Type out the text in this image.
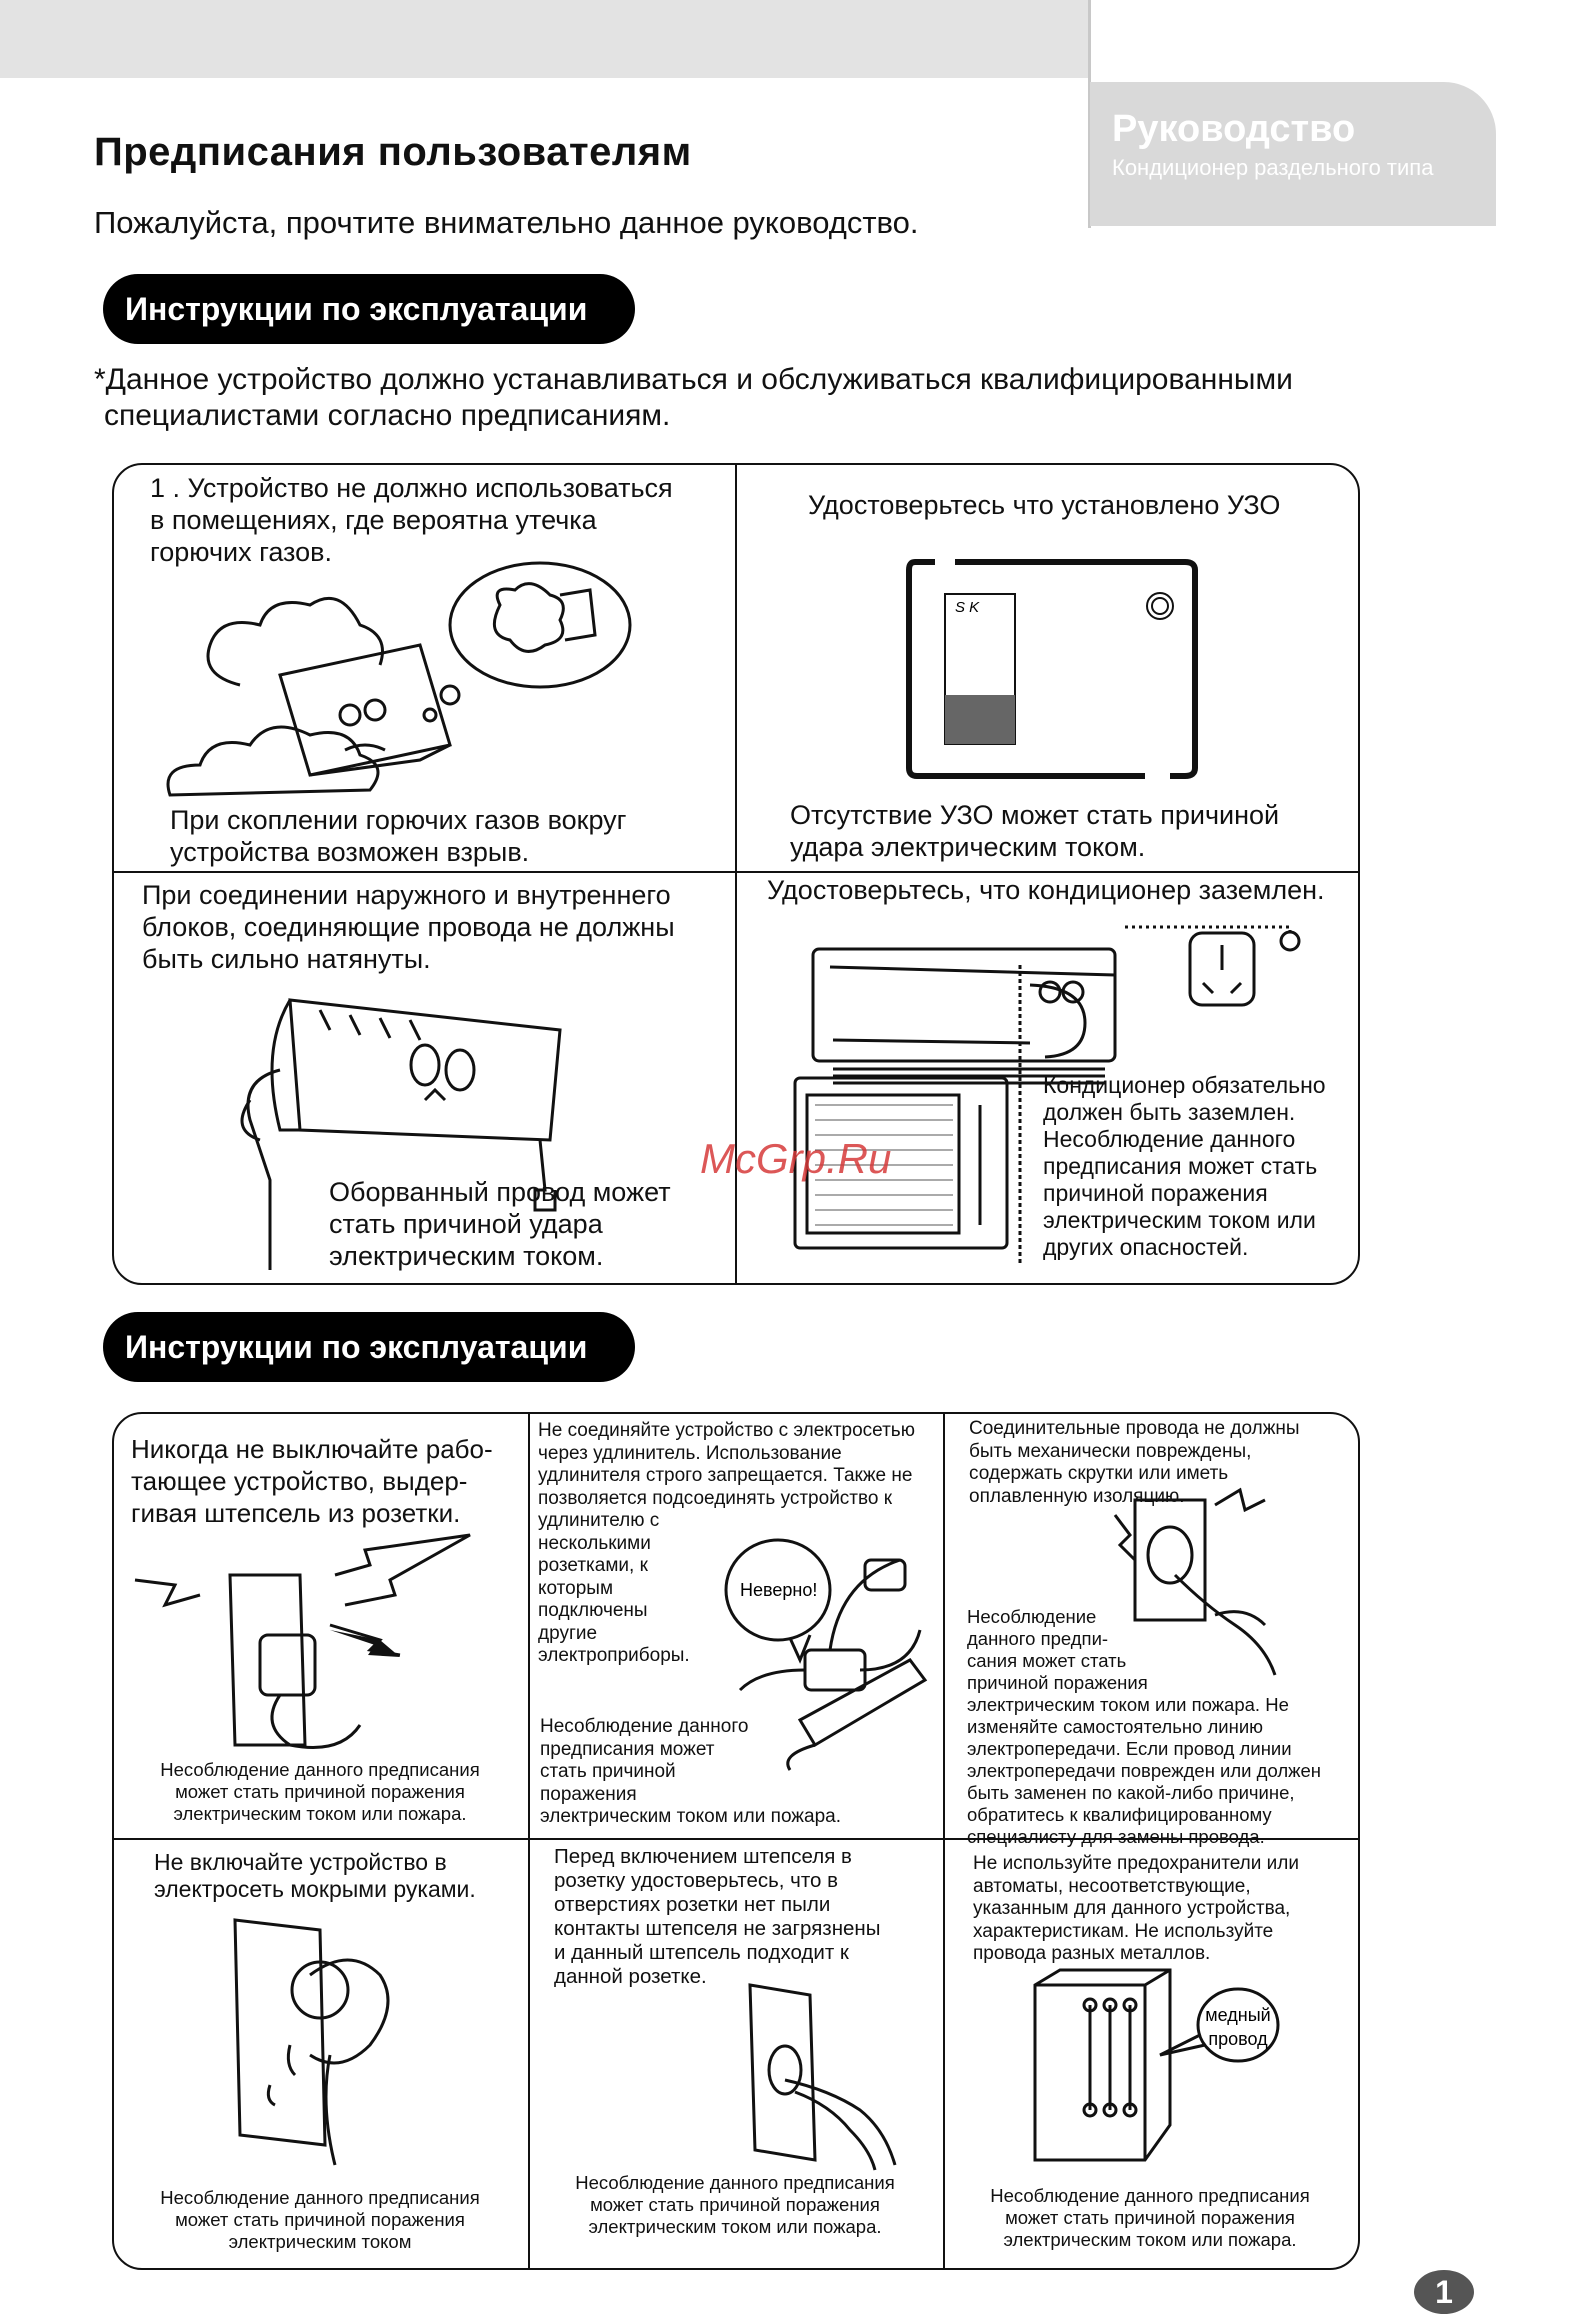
Руководство
Кондиционер раздельного типа
Предписания пользователям
Пожалуйста, прочтите внимательно данное руководство.
Инструкции по эксплуатации
*Данное устройство должно устанавливаться и обслуживаться квалифицированными
специалистами согласно предписаниям.
1 . Устройство не должно использоваться
в помещениях, где вероятна утечка
горючих газов.
При скоплении горючих газов вокруг
устройства возможен взрыв.
Удостоверьтесь что установлено УЗО
S K
Отсутствие УЗО может стать причиной
удара электрическим током.
При соединении наружного и внутреннего
блоков, соединяющие провода не должны
быть сильно натянуты.
Оборванный провод может
стать причиной удара
электрическим током.
Удостоверьтесь, что кондиционер заземлен.
Кондиционер обязательно
должен быть заземлен.
Несоблюдение данного
предписания может стать
причиной поражения
электрическим током или
других опасностей.
McGrp.Ru
Инструкции по эксплуатации
Никогда не выключайте рабо-
тающее устройство, выдер-
гивая штепсель из розетки.
Несоблюдение данного предписания
может стать причиной поражения
электрическим током или пожара.
Не соединяйте устройство с электросетью
через удлинитель. Использование
удлинителя строго запрещается. Также не
позволяется подсоединять устройство к
удлинителю с
несколькими
розетками, к
которым
подключены
другие
электроприборы.
Неверно!
Несоблюдение данного
предписания может
стать причиной
поражения
электрическим током или пожара.
Соединительные провода не должны
быть механически повреждены,
содержать скрутки или иметь
оплавленную изоляцию.
Несоблюдение
данного предпи-
сания может стать
причиной поражения
электрическим током или пожара. Не
изменяйте самостоятельно линию
электропередачи. Если провод линии
электропередачи поврежден или должен
быть заменен по какой-либо причине,
обратитесь к квалифицированному
специалисту для замены провода.
Не включайте устройство в
электросеть мокрыми руками.
Несоблюдение данного предписания
может стать причиной поражения
электрическим током
Перед включением штепселя в
розетку удостоверьтесь, что в
отверстиях розетки нет пыли
контакты штепселя не загрязнены
и данный штепсель подходит к
данной розетке.
Несоблюдение данного предписания
может стать причиной поражения
электрическим током или пожара.
Не используйте предохранители или
автоматы, несоответствующие,
указанным для данного устройства,
характеристикам. Не используйте
провода разных металлов.
медный
провод
Несоблюдение данного предписания
может стать причиной поражения
электрическим током или пожара.
1
